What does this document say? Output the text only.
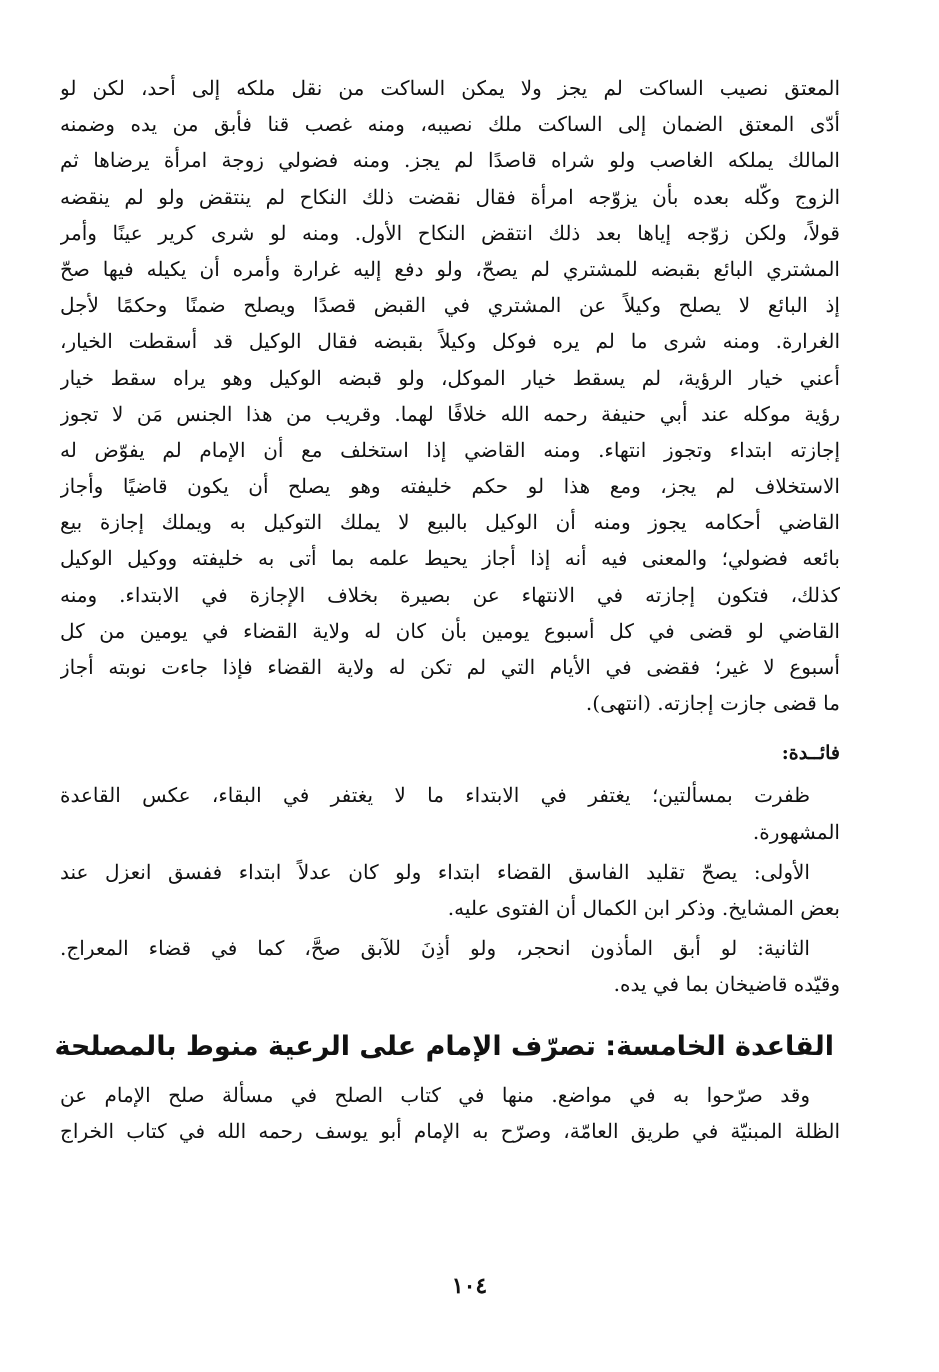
المعتق نصيب الساكت لم يجز ولا يمكن الساكت من نقل ملكه إلى أحد، لكن لو
أدّى المعتق الضمان إلى الساكت ملك نصيبه، ومنه غصب قنا فأبق من يده وضمنه
المالك يملكه الغاصب ولو شراه قاصدًا لم يجز. ومنه فضولي زوجة امرأة يرضاها ثم
الزوج وكّله بعده بأن يزوّجه امرأة فقال نقضت ذلك النكاح لم ينتقض ولو لم ينقضه
قولاً، ولكن زوّجه إياها بعد ذلك انتقض النكاح الأول. ومنه لو شرى كرير عينًا وأمر
المشتري البائع بقبضه للمشتري لم يصحّ، ولو دفع إليه غرارة وأمره أن يكيله فيها صحّ
إذ البائع لا يصلح وكيلاً عن المشتري في القبض قصدًا ويصلح ضمنًا وحكمًا لأجل
الغرارة. ومنه شرى ما لم يره فوكل وكيلاً بقبضه فقال الوكيل قد أسقطت الخيار،
أعني خيار الرؤية، لم يسقط خيار الموكل، ولو قبضه الوكيل وهو يراه سقط خيار
رؤية موكله عند أبي حنيفة رحمه الله خلافًا لهما. وقريب من هذا الجنس مَن لا تجوز
إجازته ابتداء وتجوز انتهاء. ومنه القاضي إذا استخلف مع أن الإمام لم يفوّض له
الاستخلاف لم يجز، ومع هذا لو حكم خليفته وهو يصلح أن يكون قاضيًا وأجاز
القاضي أحكامه يجوز ومنه أن الوكيل بالبيع لا يملك التوكيل به ويملك إجازة بيع
بائعه فضولي؛ والمعنى فيه أنه إذا أجاز يحيط علمه بما أتى به خليفته ووكيل الوكيل
كذلك، فتكون إجازته في الانتهاء عن بصيرة بخلاف الإجازة في الابتداء. ومنه
القاضي لو قضى في كل أسبوع يومين بأن كان له ولاية القضاء في يومين من كل
أسبوع لا غير؛ فقضى في الأيام التي لم تكن له ولاية القضاء فإذا جاءت نوبته أجاز
ما قضى جازت إجازته. (انتهى).
فائــدة:
ظفرت بمسألتين؛ يغتفر في الابتداء ما لا يغتفر في البقاء، عكس القاعدة
المشهورة.
الأولى: يصحّ تقليد الفاسق القضاء ابتداء ولو كان عدلاً ابتداء ففسق انعزل عند
بعض المشايخ. وذكر ابن الكمال أن الفتوى عليه.
الثانية: لو أبق المأذون انحجر، ولو أذِنَ للآبق صحَّ، كما في قضاء المعراج.
وقيّده قاضيخان بما في يده.
القاعدة الخامسة: تصرّف الإمام على الرعية منوط بالمصلحة
وقد صرّحوا به في مواضع. منها في كتاب الصلح في مسألة صلح الإمام عن
الظلة المبنيّة في طريق العامّة، وصرّح به الإمام أبو يوسف رحمه الله في كتاب الخراج
١٠٤
